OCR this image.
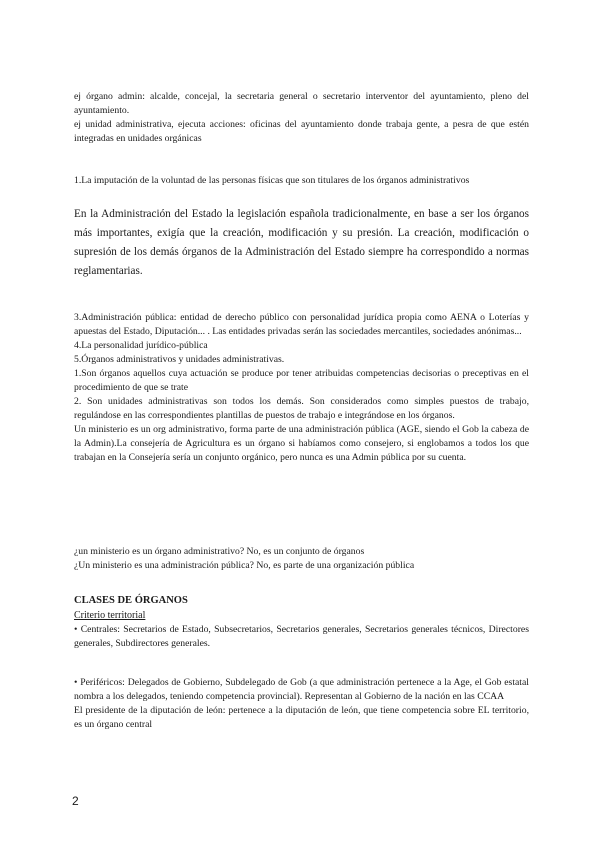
ej órgano admin: alcalde, concejal, la secretaria general o secretario interventor del ayuntamiento, pleno del ayuntamiento.

ej unidad administrativa, ejecuta acciones: oficinas del ayuntamiento donde trabaja gente, a pesra de que estén integradas en unidades orgánicas

1.La imputación de la voluntad de las personas físicas que son titulares de los órganos administrativos

En la Administración del Estado la legislación española tradicionalmente, en base a ser los órganos más importantes, exigía que la creación, modificación y su presión. La creación, modificación o supresión de los demás órganos de la Administración del Estado siempre ha correspondido a normas reglamentarias.

3.Administración pública: entidad de derecho público con personalidad jurídica propia como AENA o Loterías y apuestas del Estado, Diputación... . Las entidades privadas serán las sociedades mercantiles, sociedades anónimas...

4.La personalidad jurídico-pública

5.Órganos administrativos y unidades administrativas.

1.Son órganos aquellos cuya actuación se produce por tener atribuidas competencias decisorias o preceptivas en el procedimiento de que se trate

2. Son unidades administrativas son todos los demás. Son considerados como simples puestos de trabajo, regulándose en las correspondientes plantillas de puestos de trabajo e integrándose en los órganos.

Un ministerio es un org administrativo, forma parte de una administración pública (AGE, siendo el Gob la cabeza de la Admin).La consejería de Agricultura es un órgano si habíamos como consejero, si englobamos a todos los que trabajan en la Consejería sería un conjunto orgánico, pero nunca es una Admin pública por su cuenta.

¿un ministerio es un órgano administrativo? No, es un conjunto de órganos

¿Un ministerio es una administración pública? No, es parte de una organización pública

CLASES DE ÓRGANOS

Criterio territorial

• Centrales: Secretarios de Estado, Subsecretarios, Secretarios generales, Secretarios generales técnicos, Directores generales, Subdirectores generales.

• Periféricos: Delegados de Gobierno, Subdelegado de Gob (a que administración pertenece a la Age, el Gob estatal nombra a los delegados, teniendo competencia provincial). Representan al Gobierno de la nación en las CCAA

El presidente de la diputación de león: pertenece a la diputación de león, que tiene competencia sobre EL territorio, es un órgano central

2
